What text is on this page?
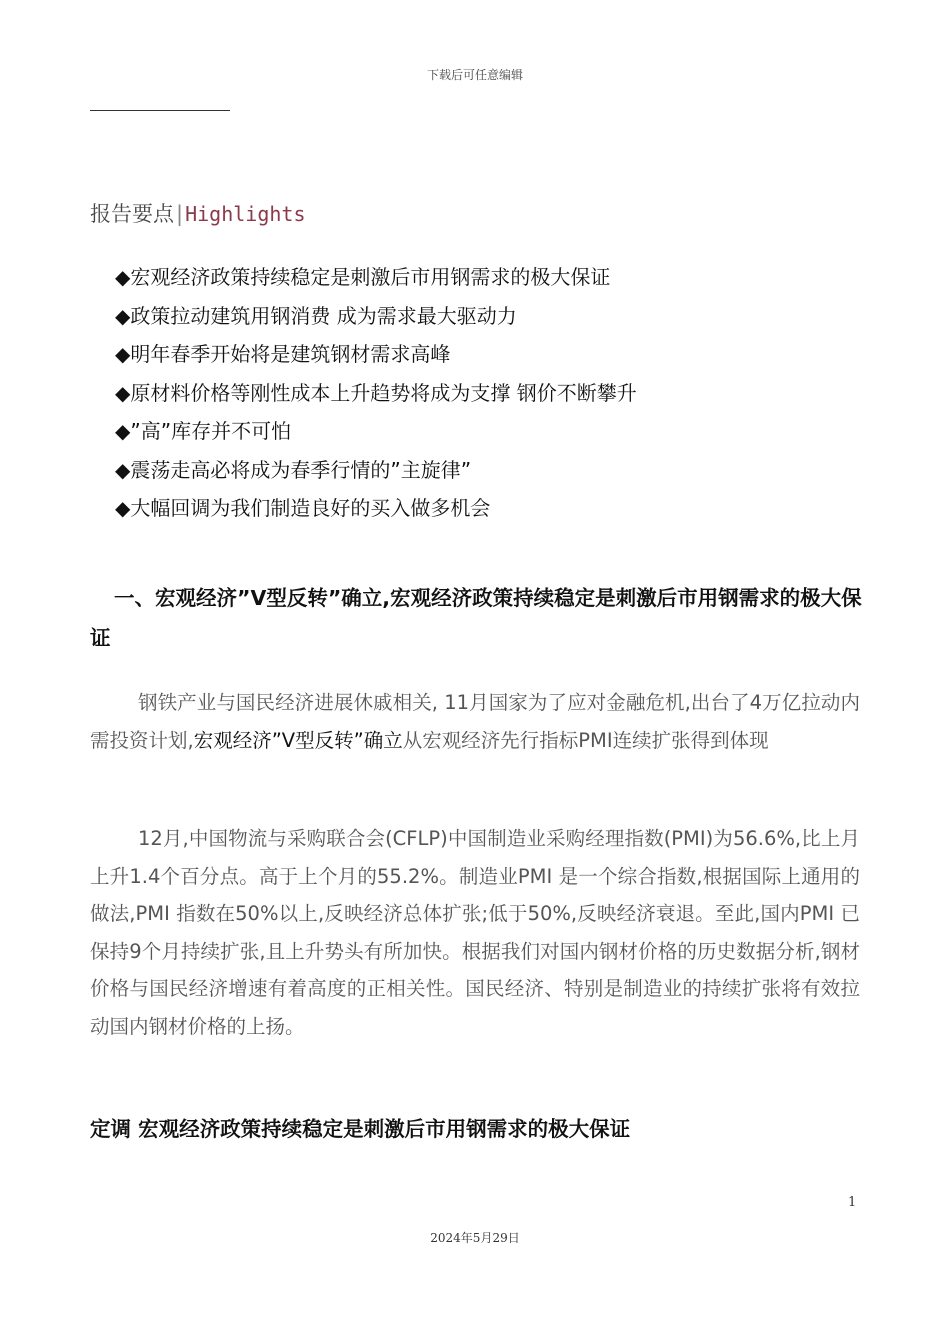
下载后可任意编辑
报告要点| Highlights
◆宏观经济政策持续稳定是刺激后市用钢需求的极大保证
◆政策拉动建筑用钢消费 成为需求最大驱动力
◆明年春季开始将是建筑钢材需求高峰
◆原材料价格等刚性成本上升趋势将成为支撑 钢价不断攀升
◆”高”库存并不可怕
◆震荡走高必将成为春季行情的”主旋律”
◆大幅回调为我们制造良好的买入做多机会
一、宏观经济”V型反转”确立,宏观经济政策持续稳定是刺激后市用钢需求的极大保证

钢铁产业与国民经济进展休戚相关, 11月国家为了应对金融危机,出台了4万亿拉动内需投资计划,宏观经济”V型反转”确立从宏观经济先行指标PMI连续扩张得到体现

12月,中国物流与采购联合会(CFLP)中国制造业采购经理指数(PMI)为56.6%,比上月上升1.4个百分点。高于上个月的55.2%。制造业PMI 是一个综合指数,根据国际上通用的做法,PMI 指数在50%以上,反映经济总体扩张;低于50%,反映经济衰退。至此,国内PMI 已保持9个月持续扩张,且上升势头有所加快。根据我们对国内钢材价格的历史数据分析,钢材价格与国民经济增速有着高度的正相关性。国民经济、特别是制造业的持续扩张将有效拉动国内钢材价格的上扬。

定调 宏观经济政策持续稳定是刺激后市用钢需求的极大保证
1
2024年5月29日
